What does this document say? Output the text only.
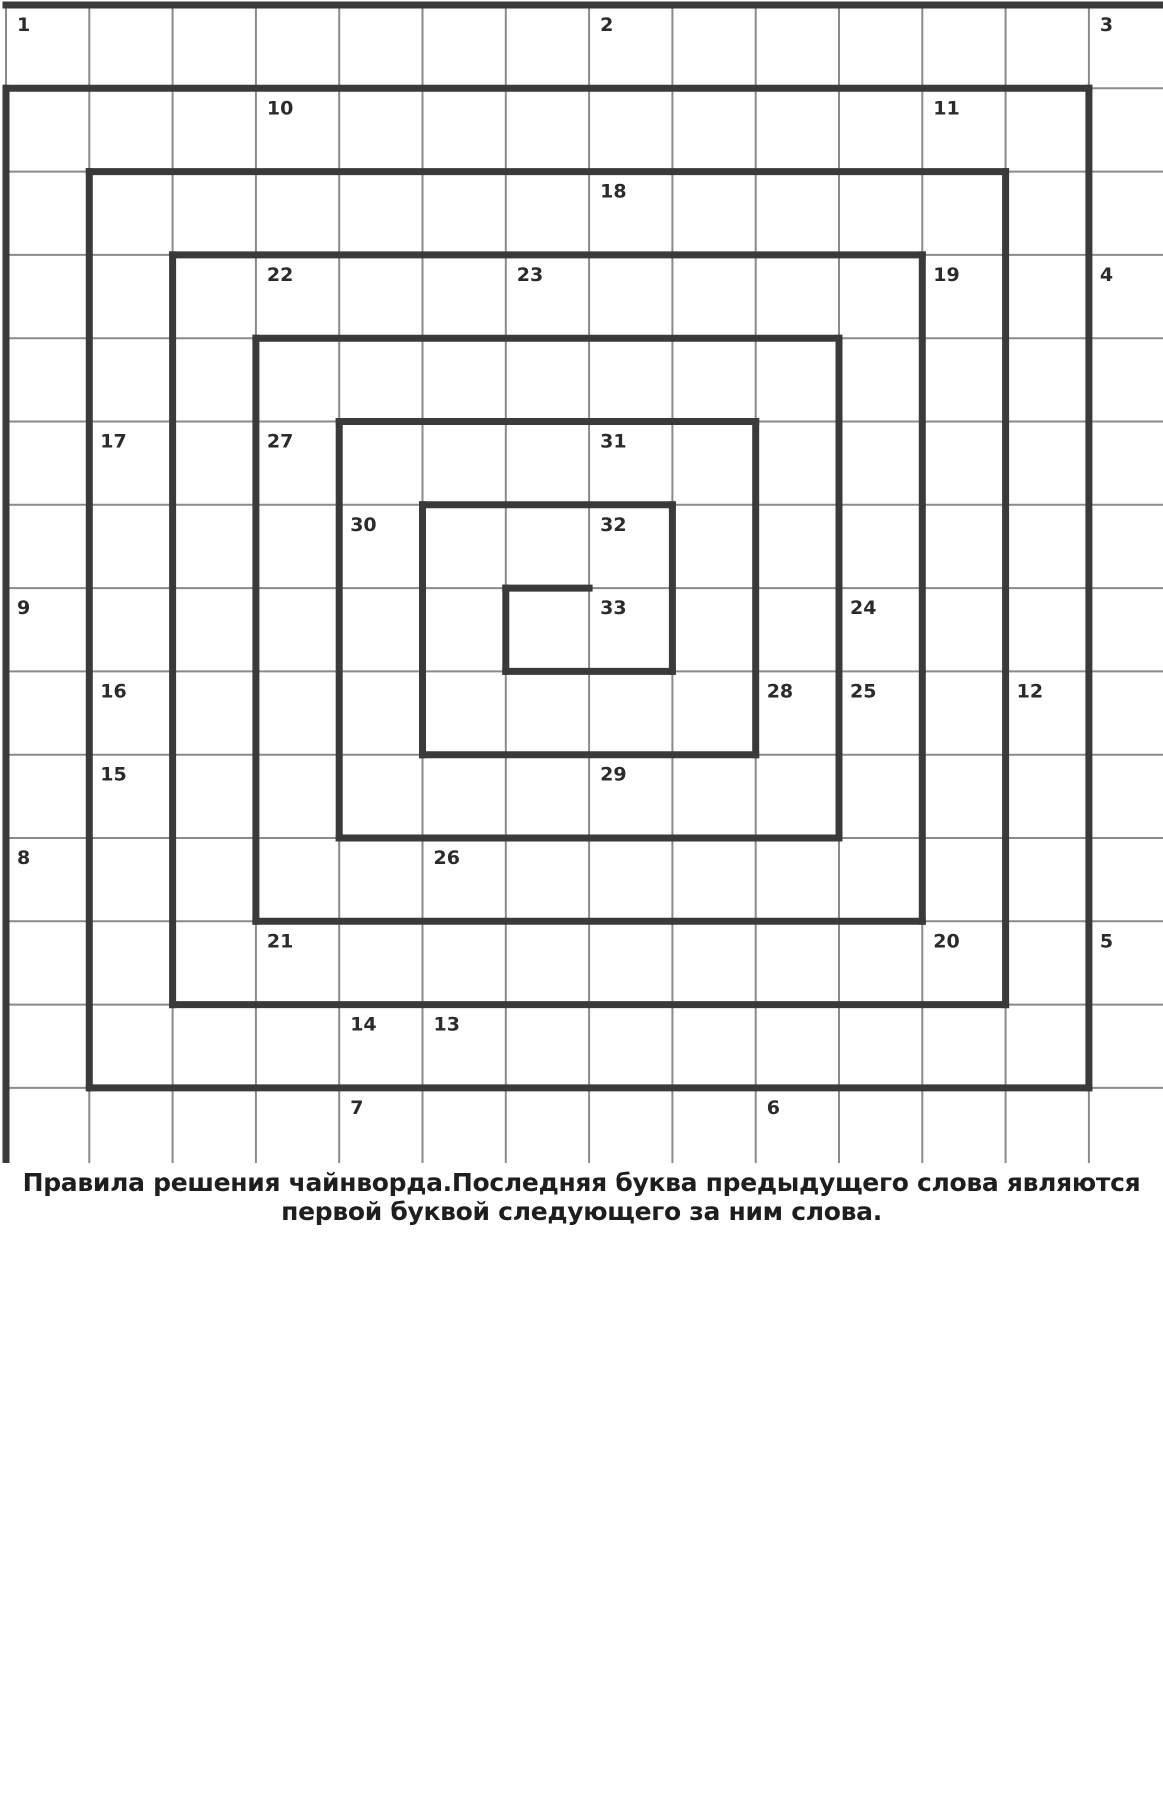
1	2	3
10	11
18
22	23	19	4
17	27	31
30	32
9	33	24
16	28	25	12
15	29
8	26
21	20	5
14	13
7	6
Правила решения чайнворда.Последняя буква предыдущего слова являются первой буквой следующего за ним слова.
